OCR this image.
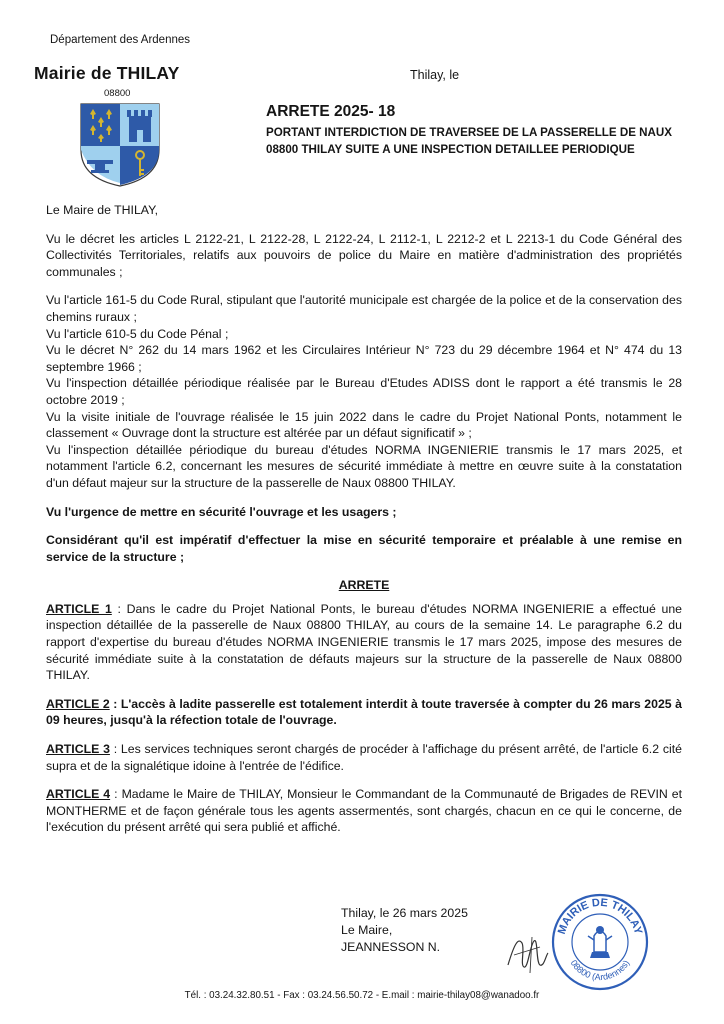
Département des Ardennes
Mairie de THILAY
08800
Thilay, le
ARRETE 2025- 18
PORTANT INTERDICTION DE TRAVERSEE DE LA PASSERELLE DE NAUX
08800 THILAY SUITE A UNE INSPECTION DETAILLEE PERIODIQUE

Le Maire de THILAY,

Vu le décret les articles L 2122-21, L 2122-28, L 2122-24, L 2112-1, L 2212-2 et L 2213-1 du Code Général des Collectivités Territoriales, relatifs aux pouvoirs de police du Maire en matière d'administration des propriétés communales ;

Vu l'article 161-5 du Code Rural, stipulant que l'autorité municipale est chargée de la police et de la conservation des chemins ruraux ;

Vu l'article 610-5 du Code Pénal ;

Vu le décret N° 262 du 14 mars 1962 et les Circulaires Intérieur N° 723 du 29 décembre 1964 et N° 474 du 13 septembre 1966 ;

Vu l'inspection détaillée périodique réalisée par le Bureau d'Etudes ADISS dont le rapport a été transmis le 28 octobre 2019 ;

Vu la visite initiale de l'ouvrage réalisée le 15 juin 2022 dans le cadre du Projet National Ponts, notamment le classement « Ouvrage dont la structure est altérée par un défaut significatif » ;

Vu l'inspection détaillée périodique du bureau d'études NORMA INGENIERIE transmis le 17 mars 2025, et notamment l'article 6.2, concernant les mesures de sécurité immédiate à mettre en œuvre suite à la constatation d'un défaut majeur sur la structure de la passerelle de Naux 08800 THILAY.

Vu l'urgence de mettre en sécurité l'ouvrage et les usagers ;

Considérant qu'il est impératif d'effectuer la mise en sécurité temporaire et préalable à une remise en service de la structure ;

ARRETE

ARTICLE 1 : Dans le cadre du Projet National Ponts, le bureau d'études NORMA INGENIERIE a effectué une inspection détaillée de la passerelle de Naux 08800 THILAY, au cours de la semaine 14. Le paragraphe 6.2 du rapport d'expertise du bureau d'études NORMA INGENIERIE transmis le 17 mars 2025, impose des mesures de sécurité immédiate suite à la constatation de défauts majeurs sur la structure de la passerelle de Naux 08800 THILAY.

ARTICLE 2 : L'accès à ladite passerelle est totalement interdit à toute traversée à compter du 26 mars 2025 à 09 heures, jusqu'à la réfection totale de l'ouvrage.

ARTICLE 3 : Les services techniques seront chargés de procéder à l'affichage du présent arrêté, de l'article 6.2 cité supra et de la signalétique idoine à l'entrée de l'édifice.

ARTICLE 4 : Madame le Maire de THILAY, Monsieur le Commandant de la Communauté de Brigades de REVIN et MONTHERME et de façon générale tous les agents assermentés, sont chargés, chacun en ce qui le concerne, de l'exécution du présent arrêté qui sera publié et affiché.

Thilay, le 26 mars 2025
Le Maire,
JEANNESSON N.
MAIRIE DE THILAY
08800 (Ardennes)
Tél. : 03.24.32.80.51 - Fax : 03.24.56.50.72 - E.mail : mairie-thilay08@wanadoo.fr
